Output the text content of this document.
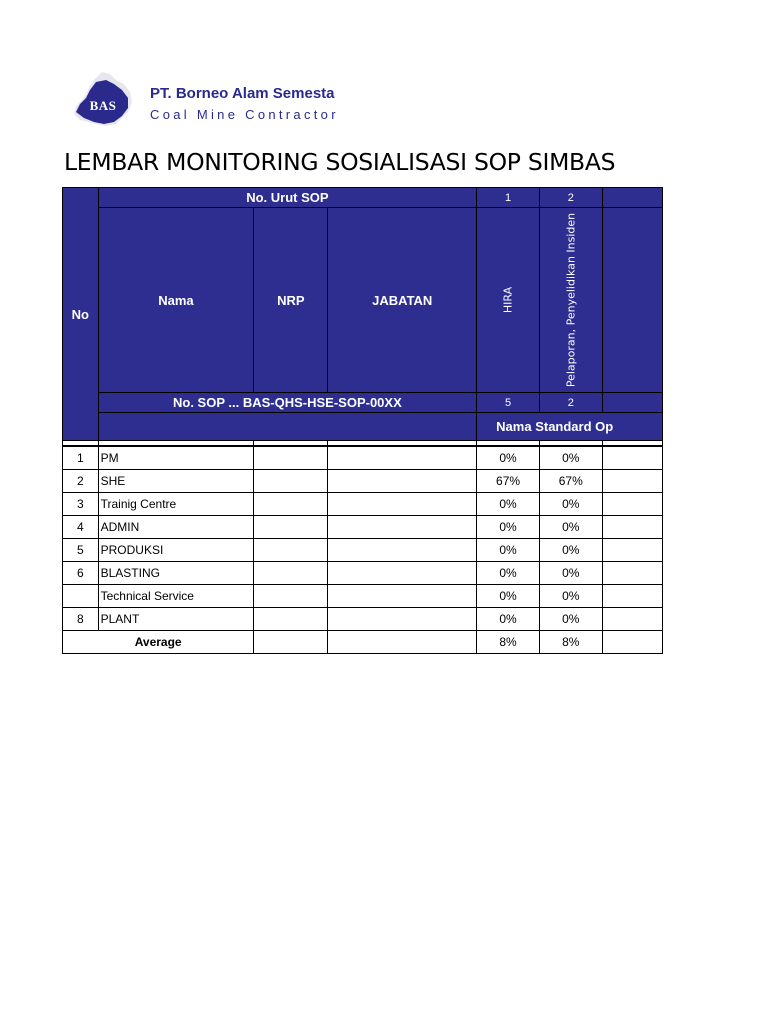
BAS
PT. Borneo Alam Semesta
Coal Mine Contractor
LEMBAR MONITORING SOSIALISASI SOP SIMBAS
No	No. Urut SOP			1	2	
	Nama	NRP	JABATAN	HIRA	Pelaporan, Penyelidikan Insiden	

	No. SOP ... BAS-QHS-HSE-SOP-00XX			5	2	
				Nama Standard Op		

1	PM			0%	0%	
2	SHE			67%	67%	
3	Trainig Centre			0%	0%	
4	ADMIN			0%	0%	
5	PRODUKSI			0%	0%	
6	BLASTING			0%	0%	
	Technical Service			0%	0%	
8	PLANT			0%	0%	
Average				8%	8%	
